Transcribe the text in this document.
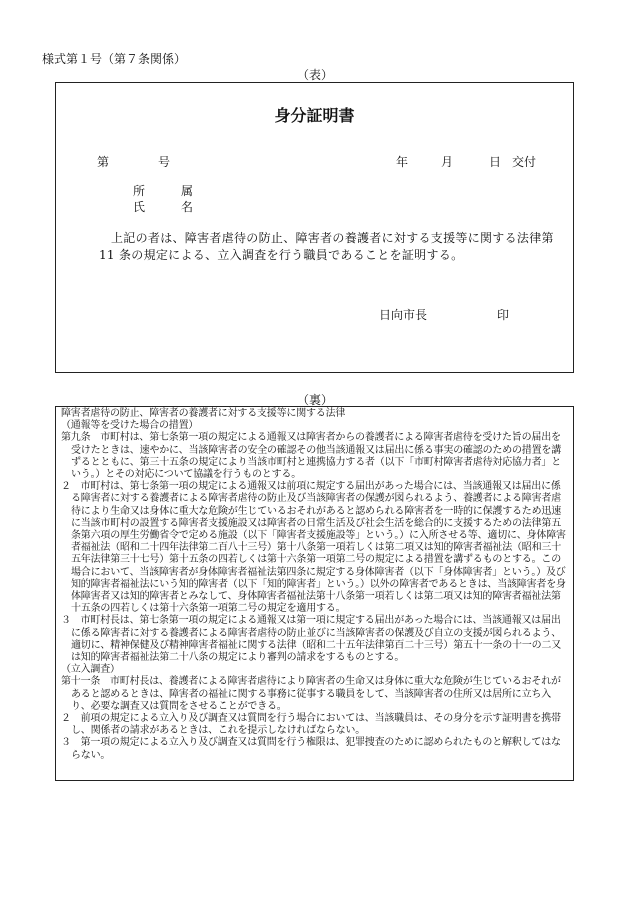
様式第１号（第７条関係）
（表）
身分証明書
第	号	年	月	日 交付
所	属
氏	名
上記の者は、障害者虐待の防止、障害者の養護者に対する支援等に関する法律第 11 条の規定による、立入調査を行う職員であることを証明する。
日向市長	印
（裏）

障害者虐待の防止、障害者の養護者に対する支援等に関する法律

（通報等を受けた場合の措置）

第九条　市町村は、第七条第一項の規定による通報又は障害者からの養護者による障害者虐待を受けた旨の届出を受けたときは、速やかに、当該障害者の安全の確認その他当該通報又は届出に係る事実の確認のための措置を講ずるとともに、第三十五条の規定により当該市町村と連携協力する者（以下「市町村障害者虐待対応協力者」という。）とその対応について協議を行うものとする。

２　市町村は、第七条第一項の規定による通報又は前項に規定する届出があった場合には、当該通報又は届出に係る障害者に対する養護者による障害者虐待の防止及び当該障害者の保護が図られるよう、養護者による障害者虐待により生命又は身体に重大な危険が生じているおそれがあると認められる障害者を一時的に保護するため迅速に当該市町村の設置する障害者支援施設又は障害者の日常生活及び社会生活を総合的に支援するための法律第五条第六項の厚生労働省令で定める施設（以下「障害者支援施設等」という。）に入所させる等、適切に、身体障害者福祉法（昭和二十四年法律第二百八十三号）第十八条第一項若しくは第二項又は知的障害者福祉法（昭和三十五年法律第三十七号）第十五条の四若しくは第十六条第一項第二号の規定による措置を講ずるものとする。この場合において、当該障害者が身体障害者福祉法第四条に規定する身体障害者（以下「身体障害者」という。）及び知的障害者福祉法にいう知的障害者（以下「知的障害者」という。）以外の障害者であるときは、当該障害者を身体障害者又は知的障害者とみなして、身体障害者福祉法第十八条第一項若しくは第二項又は知的障害者福祉法第十五条の四若しくは第十六条第一項第二号の規定を適用する。

３　市町村長は、第七条第一項の規定による通報又は第一項に規定する届出があった場合には、当該通報又は届出に係る障害者に対する養護者による障害者虐待の防止並びに当該障害者の保護及び自立の支援が図られるよう、適切に、精神保健及び精神障害者福祉に関する法律（昭和二十五年法律第百二十三号）第五十一条の十一の二又は知的障害者福祉法第二十八条の規定により審判の請求をするものとする。

（立入調査）

第十一条　市町村長は、養護者による障害者虐待により障害者の生命又は身体に重大な危険が生じているおそれがあると認めるときは、障害者の福祉に関する事務に従事する職員をして、当該障害者の住所又は居所に立ち入り、必要な調査又は質問をさせることができる。

２　前項の規定による立入り及び調査又は質問を行う場合においては、当該職員は、その身分を示す証明書を携帯し、関係者の請求があるときは、これを提示しなければならない。

３　第一項の規定による立入り及び調査又は質問を行う権限は、犯罪捜査のために認められたものと解釈してはならない。
